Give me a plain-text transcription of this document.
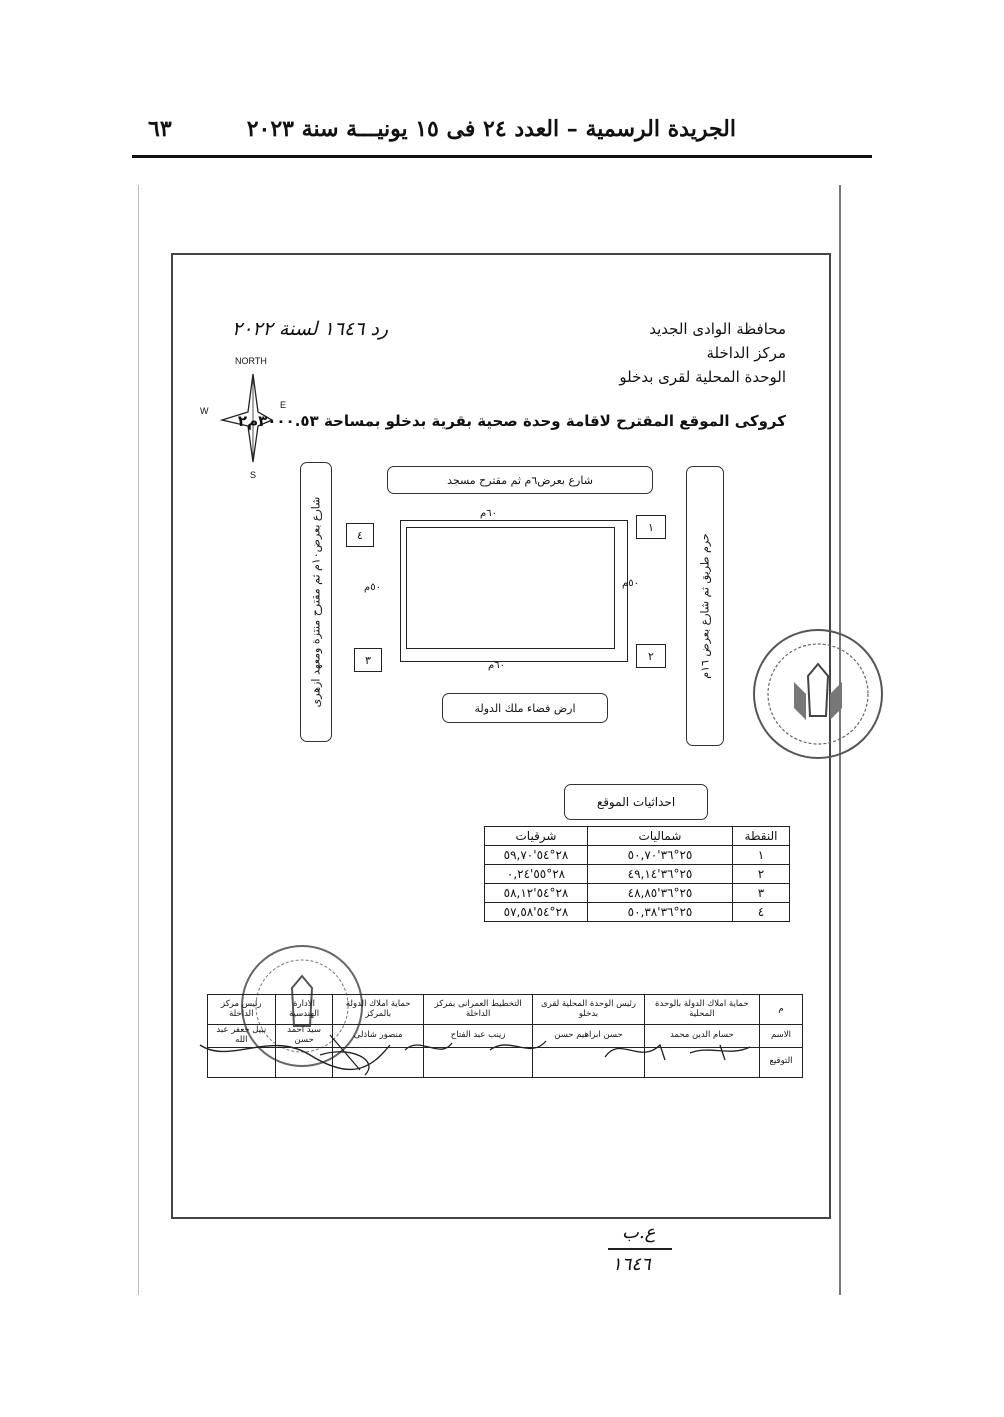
٦٣	الجريدة الرسمية – العدد ٢٤ فى ١٥ يونيـــة سنة ٢٠٢٣
رد ١٦٤٦ لسنة ٢٠٢٢	محافظة الوادى الجديد
مركز الداخلة
الوحدة المحلية لقرى بدخلو
NORTH
E
W
S
كروكى الموقع المقترح لاقامة وحدة صحية بقرية بدخلو بمساحة ٣٠٠٠.٥٣م٢
شارع بعرض٦م ثم مقترح مسجد
ارض فضاء ملك الدولة
شارع بعرض١٠م ثم مقترح منتزة ومعهد ازهرى
حرم طريق ثم شارع بعرض ١٦م
٦٠م
٦٠م
٥٠م	٥٠م
١
٢
٣
٤
احداثيات الموقع
النقطة	شماليات	شرقيات
١	٢٥°٣٦'٥٠,٧٠	٢٨°٥٤'٥٩,٧٠
٢	٢٥°٣٦'٤٩,١٤	٢٨°٥٥'٠,٢٤
٣	٢٥°٣٦'٤٨,٨٥	٢٨°٥٤'٥٨,١٢
٤	٢٥°٣٦'٥٠,٣٨	٢٨°٥٤'٥٧,٥٨
م	حماية املاك الدولة بالوحدة المحلية	رئيس الوحدة المحلية لقرى بدخلو	التخطيط العمرانى بمركز الداخلة	حماية املاك الدولة بالمركز	الادارة الهندسية	رئيس مركز الداخلة
الاسم	حسام الدين محمد	حسن ابراهيم حسن	زينب عبد الفتاح	منصور شاذلى	سيد احمد حسن	نبيل جعفر عبد الله
التوقيع						
ع.ب
١٦٤٦
